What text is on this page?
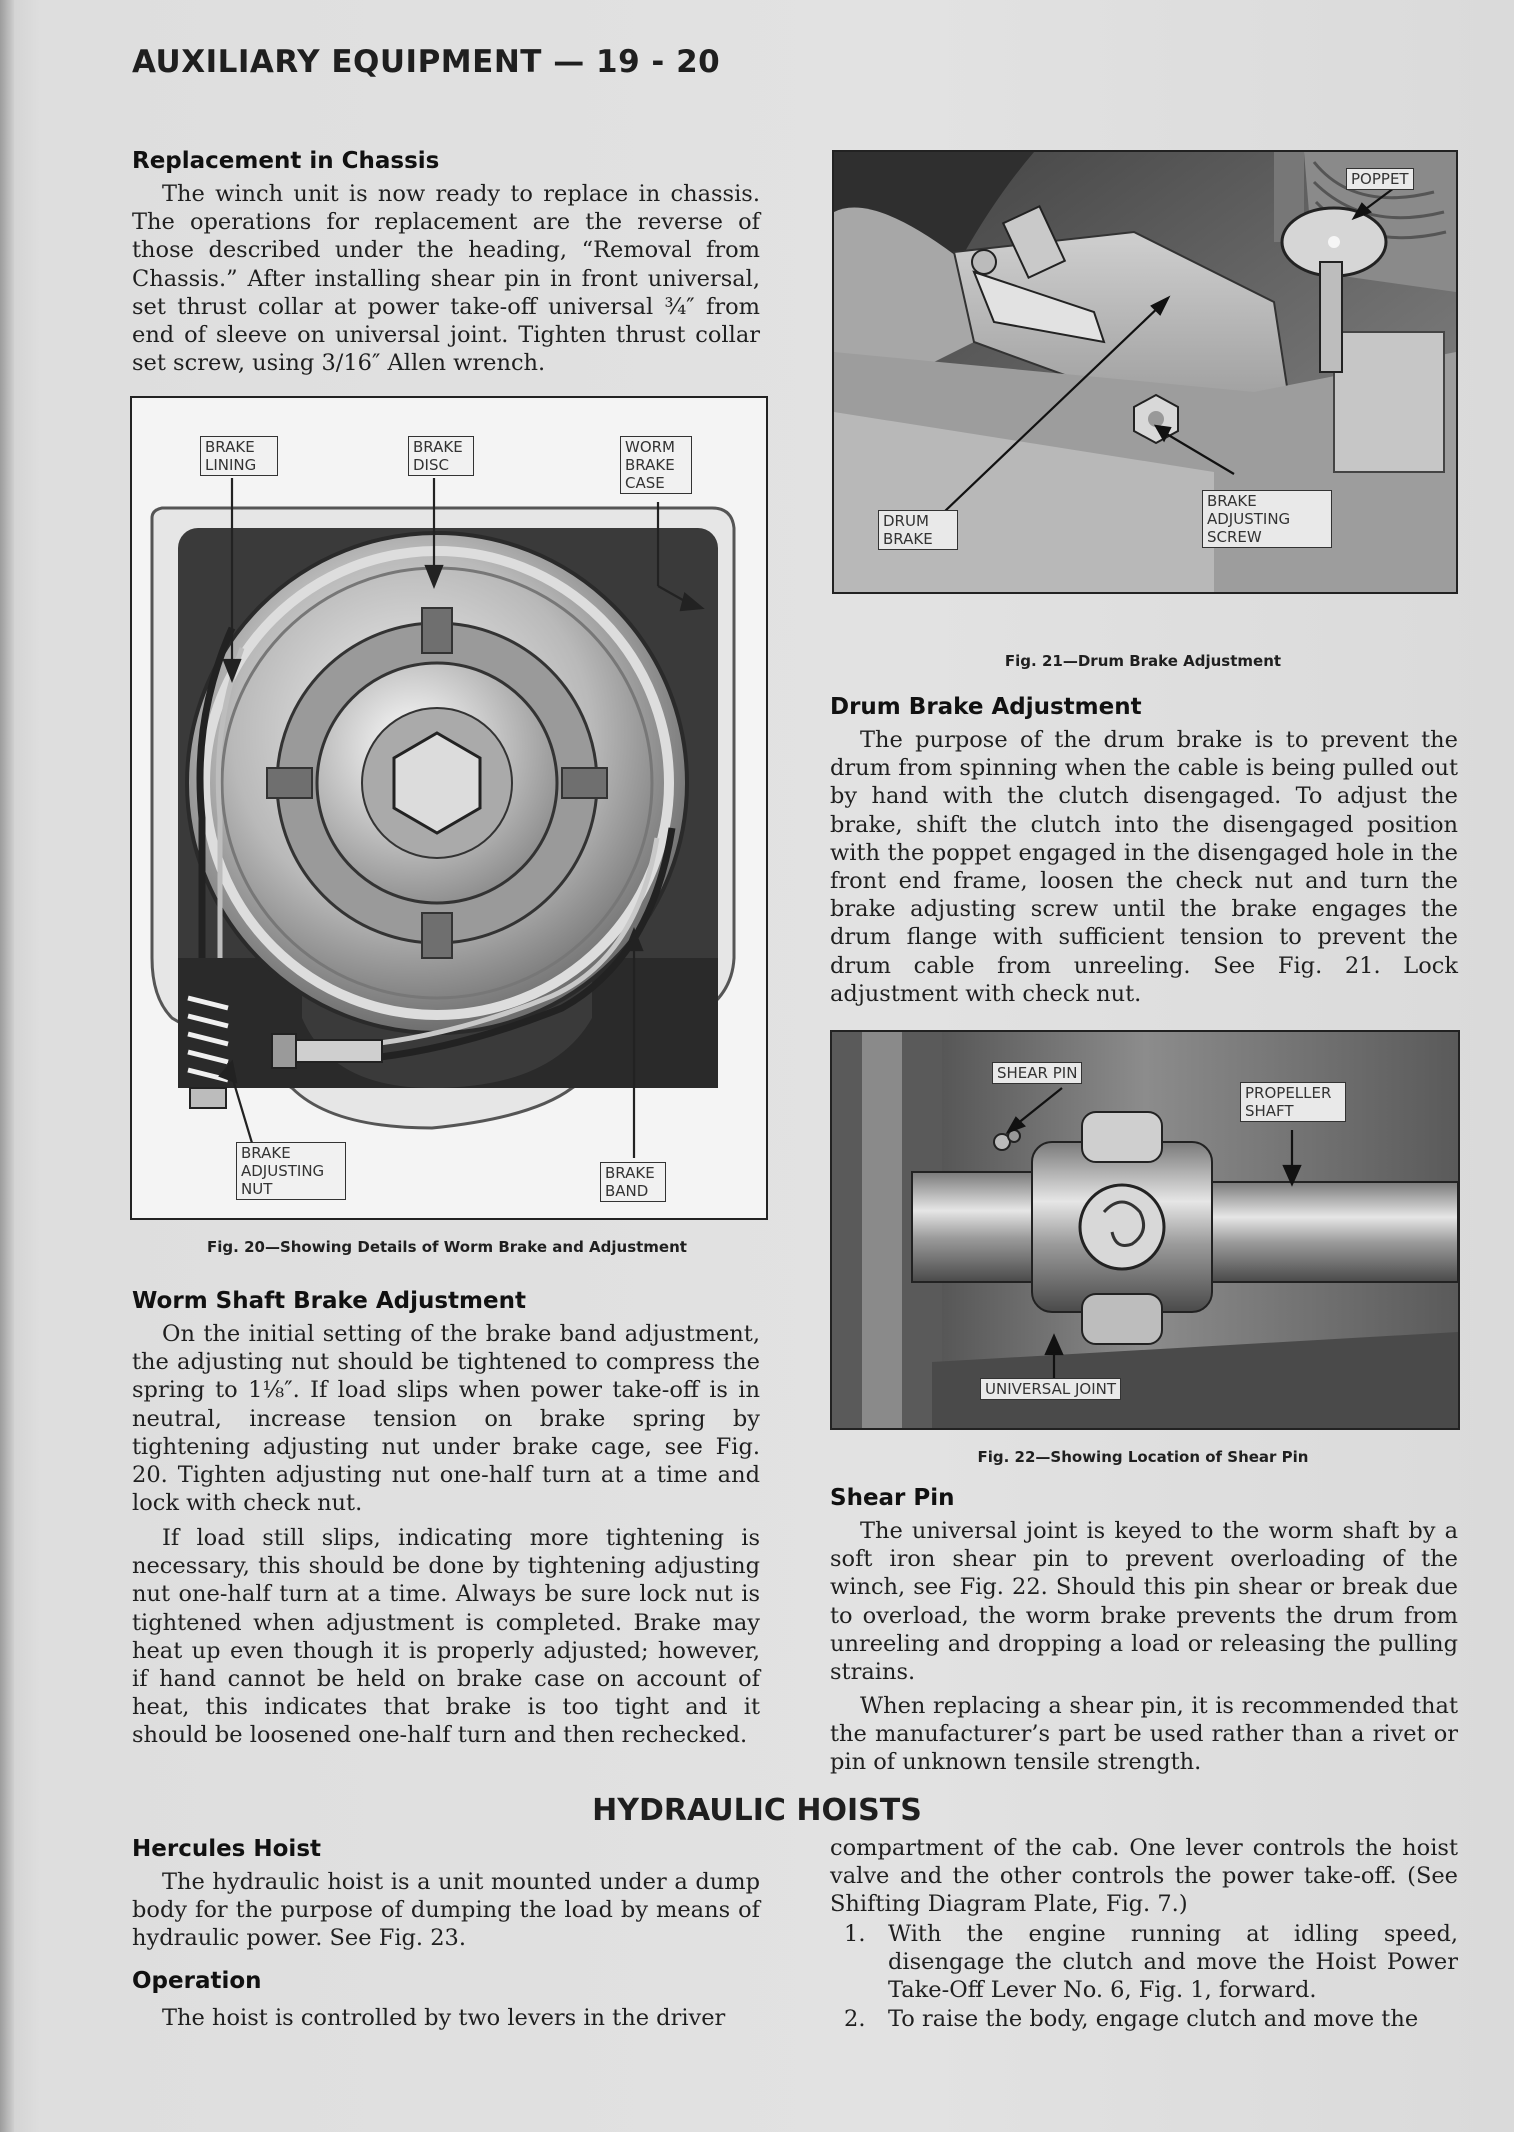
AUXILIARY EQUIPMENT — 19 - 20
Replacement in Chassis

The winch unit is now ready to replace in chassis. The operations for replacement are the reverse of those described under the heading, “Removal from Chassis.” After installing shear pin in front universal, set thrust collar at power take-off universal ¾″ from end of sleeve on universal joint. Tighten thrust collar set screw, using 3/16″ Allen wrench.

BRAKE LINING
BRAKE DISC
WORM BRAKE CASE
BRAKE ADJUSTING NUT
BRAKE BAND
Fig. 20—Showing Details of Worm Brake and Adjustment
Worm Shaft Brake Adjustment

On the initial setting of the brake band adjustment, the adjusting nut should be tightened to compress the spring to 1⅛″. If load slips when power take-off is in neutral, increase tension on brake spring by tightening adjusting nut under brake cage, see Fig. 20. Tighten adjusting nut one-half turn at a time and lock with check nut.

If load still slips, indicating more tightening is necessary, this should be done by tightening adjusting nut one-half turn at a time. Always be sure lock nut is tightened when adjustment is completed. Brake may heat up even though it is properly adjusted; however, if hand cannot be held on brake case on account of heat, this indicates that brake is too tight and it should be loosened one-half turn and then rechecked.

POPPET
DRUM BRAKE
BRAKE ADJUSTING SCREW
Fig. 21—Drum Brake Adjustment
Drum Brake Adjustment

The purpose of the drum brake is to prevent the drum from spinning when the cable is being pulled out by hand with the clutch disengaged. To adjust the brake, shift the clutch into the disengaged position with the poppet engaged in the disengaged hole in the front end frame, loosen the check nut and turn the brake adjusting screw until the brake engages the drum flange with sufficient tension to prevent the drum cable from unreeling. See Fig. 21. Lock adjustment with check nut.

SHEAR PIN
PROPELLER SHAFT
UNIVERSAL JOINT
Fig. 22—Showing Location of Shear Pin
Shear Pin

The universal joint is keyed to the worm shaft by a soft iron shear pin to prevent overloading of the winch, see Fig. 22. Should this pin shear or break due to overload, the worm brake prevents the drum from unreeling and dropping a load or releasing the pulling strains.

When replacing a shear pin, it is recommended that the manufacturer’s part be used rather than a rivet or pin of unknown tensile strength.

HYDRAULIC HOISTS
Hercules Hoist

The hydraulic hoist is a unit mounted under a dump body for the purpose of dumping the load by means of hydraulic power. See Fig. 23.

Operation

The hoist is controlled by two levers in the driver

compartment of the cab. One lever controls the hoist valve and the other controls the power take-off. (See Shifting Diagram Plate, Fig. 7.)

1. With the engine running at idling speed, disengage the clutch and move the Hoist Power Take-Off Lever No. 6, Fig. 1, forward.
2. To raise the body, engage clutch and move the
